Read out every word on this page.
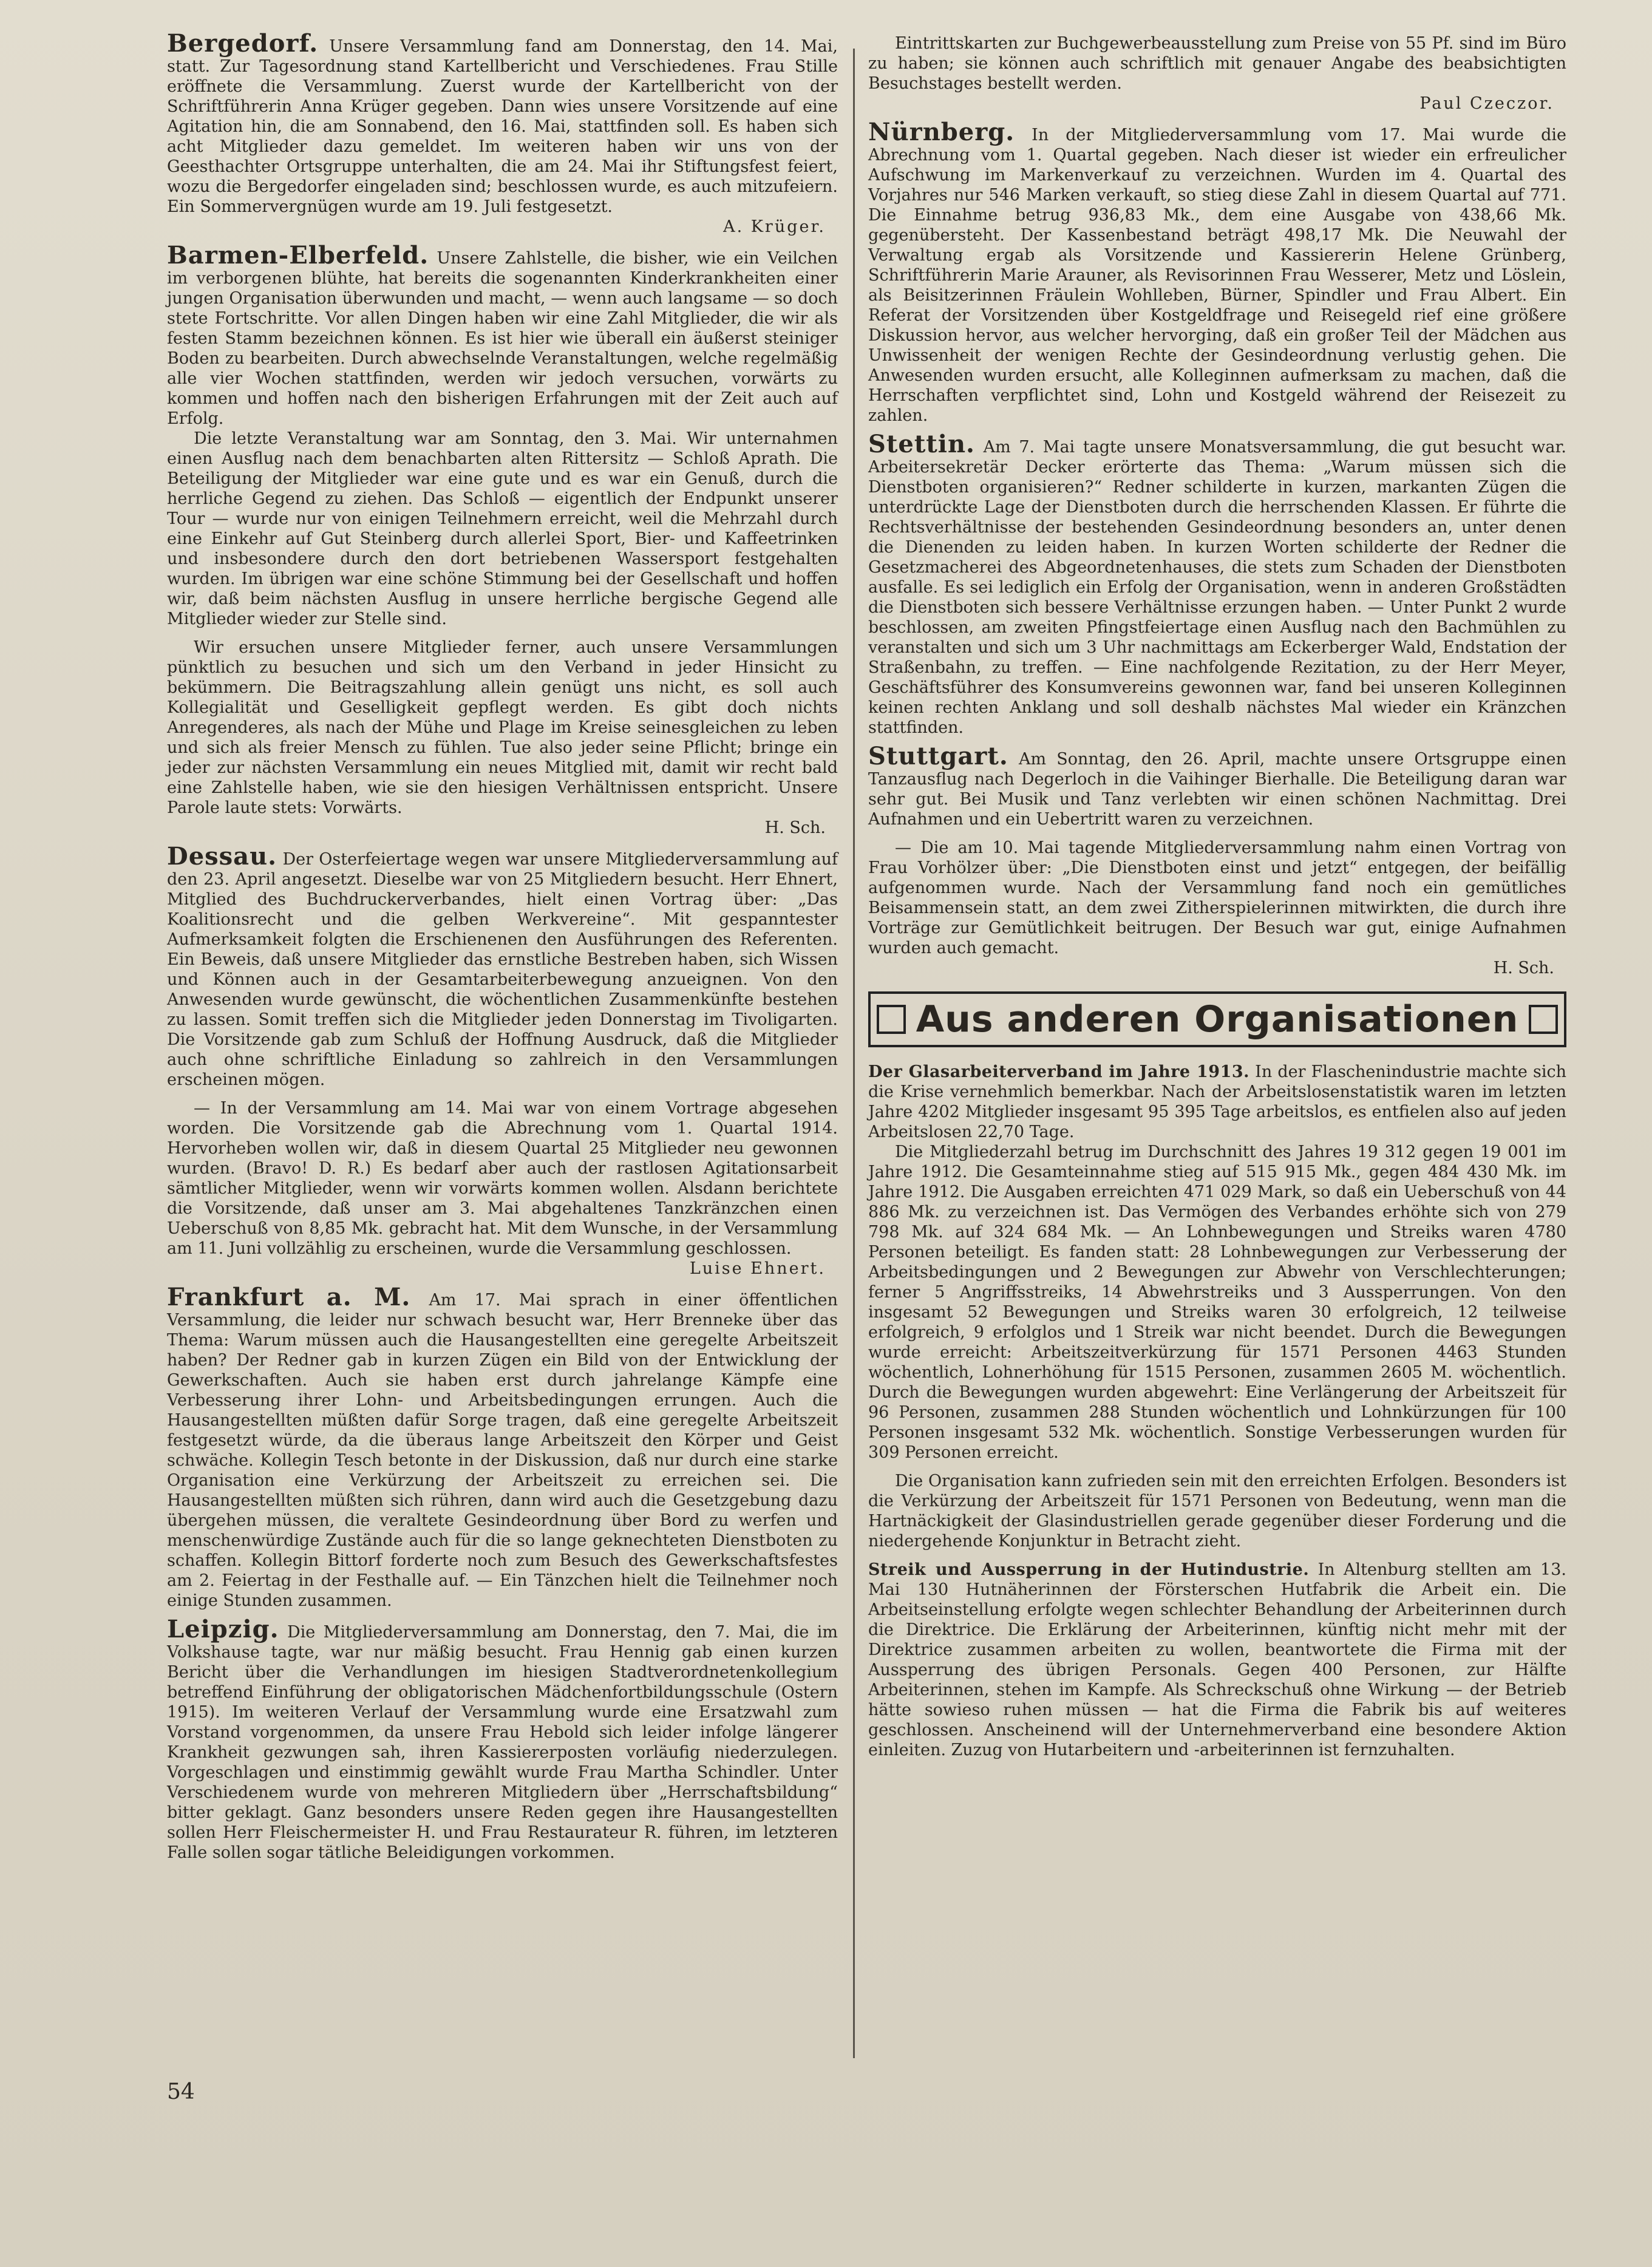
Bergedorf. Unsere Versammlung fand am Donnerstag, den 14. Mai, statt. Zur Tagesordnung stand Kartellbericht und Verschiedenes. Frau Stille eröffnete die Versammlung. Zuerst wurde der Kartellbericht von der Schriftführerin Anna Krüger gegeben. Dann wies unsere Vorsitzende auf eine Agitation hin, die am Sonnabend, den 16. Mai, stattfinden soll. Es haben sich acht Mitglieder dazu gemeldet. Im weiteren haben wir uns von der Geesthachter Ortsgruppe unterhalten, die am 24. Mai ihr Stiftungsfest feiert, wozu die Bergedorfer eingeladen sind; beschlossen wurde, es auch mitzufeiern. Ein Sommervergnügen wurde am 19. Juli festgesetzt.

A. Krüger.

Barmen-Elberfeld. Unsere Zahlstelle, die bisher, wie ein Veilchen im verborgenen blühte, hat bereits die sogenannten Kinderkrankheiten einer jungen Organisation überwunden und macht, — wenn auch langsame — so doch stete Fortschritte. Vor allen Dingen haben wir eine Zahl Mitglieder, die wir als festen Stamm bezeichnen können. Es ist hier wie überall ein äußerst steiniger Boden zu bearbeiten. Durch abwechselnde Veranstaltungen, welche regelmäßig alle vier Wochen stattfinden, werden wir jedoch versuchen, vorwärts zu kommen und hoffen nach den bisherigen Erfahrungen mit der Zeit auch auf Erfolg.

Die letzte Veranstaltung war am Sonntag, den 3. Mai. Wir unternahmen einen Ausflug nach dem benachbarten alten Rittersitz — Schloß Aprath. Die Beteiligung der Mitglieder war eine gute und es war ein Genuß, durch die herrliche Gegend zu ziehen. Das Schloß — eigentlich der Endpunkt unserer Tour — wurde nur von einigen Teilnehmern erreicht, weil die Mehrzahl durch eine Einkehr auf Gut Steinberg durch allerlei Sport, Bier- und Kaffeetrinken und insbesondere durch den dort betriebenen Wassersport festgehalten wurden. Im übrigen war eine schöne Stimmung bei der Gesellschaft und hoffen wir, daß beim nächsten Ausflug in unsere herrliche bergische Gegend alle Mitglieder wieder zur Stelle sind.

Wir ersuchen unsere Mitglieder ferner, auch unsere Versammlungen pünktlich zu besuchen und sich um den Verband in jeder Hinsicht zu bekümmern. Die Beitragszahlung allein genügt uns nicht, es soll auch Kollegialität und Geselligkeit gepflegt werden. Es gibt doch nichts Anregenderes, als nach der Mühe und Plage im Kreise seinesgleichen zu leben und sich als freier Mensch zu fühlen. Tue also jeder seine Pflicht; bringe ein jeder zur nächsten Versammlung ein neues Mitglied mit, damit wir recht bald eine Zahlstelle haben, wie sie den hiesigen Verhältnissen entspricht. Unsere Parole laute stets: Vorwärts.

H. Sch.

Dessau. Der Osterfeiertage wegen war unsere Mitgliederversammlung auf den 23. April angesetzt. Dieselbe war von 25 Mitgliedern besucht. Herr Ehnert, Mitglied des Buchdruckerverbandes, hielt einen Vortrag über: „Das Koalitionsrecht und die gelben Werkvereine“. Mit gespanntester Aufmerksamkeit folgten die Erschienenen den Ausführungen des Referenten. Ein Beweis, daß unsere Mitglieder das ernstliche Bestreben haben, sich Wissen und Können auch in der Gesamtarbeiterbewegung anzueignen. Von den Anwesenden wurde gewünscht, die wöchentlichen Zusammenkünfte bestehen zu lassen. Somit treffen sich die Mitglieder jeden Donnerstag im Tivoligarten. Die Vorsitzende gab zum Schluß der Hoffnung Ausdruck, daß die Mitglieder auch ohne schriftliche Einladung so zahlreich in den Versammlungen erscheinen mögen.

— In der Versammlung am 14. Mai war von einem Vortrage abgesehen worden. Die Vorsitzende gab die Abrechnung vom 1. Quartal 1914. Hervorheben wollen wir, daß in diesem Quartal 25 Mitglieder neu gewonnen wurden. (Bravo! D. R.) Es bedarf aber auch der rastlosen Agitationsarbeit sämtlicher Mitglieder, wenn wir vorwärts kommen wollen. Alsdann berichtete die Vorsitzende, daß unser am 3. Mai abgehaltenes Tanzkränzchen einen Ueberschuß von 8,85 Mk. gebracht hat. Mit dem Wunsche, in der Versammlung am 11. Juni vollzählig zu erscheinen, wurde die Versammlung geschlossen.

Luise Ehnert.

Frankfurt a. M. Am 17. Mai sprach in einer öffentlichen Versammlung, die leider nur schwach besucht war, Herr Brenneke über das Thema: Warum müssen auch die Hausangestellten eine geregelte Arbeitszeit haben? Der Redner gab in kurzen Zügen ein Bild von der Entwicklung der Gewerkschaften. Auch sie haben erst durch jahrelange Kämpfe eine Verbesserung ihrer Lohn- und Arbeitsbedingungen errungen. Auch die Hausangestellten müßten dafür Sorge tragen, daß eine geregelte Arbeitszeit festgesetzt würde, da die überaus lange Arbeitszeit den Körper und Geist schwäche. Kollegin Tesch betonte in der Diskussion, daß nur durch eine starke Organisation eine Verkürzung der Arbeitszeit zu erreichen sei. Die Hausangestellten müßten sich rühren, dann wird auch die Gesetzgebung dazu übergehen müssen, die veraltete Gesindeordnung über Bord zu werfen und menschenwürdige Zustände auch für die so lange geknechteten Dienstboten zu schaffen. Kollegin Bittorf forderte noch zum Besuch des Gewerkschaftsfestes am 2. Feiertag in der Festhalle auf. — Ein Tänzchen hielt die Teilnehmer noch einige Stunden zusammen.

Leipzig. Die Mitgliederversammlung am Donnerstag, den 7. Mai, die im Volkshause tagte, war nur mäßig besucht. Frau Hennig gab einen kurzen Bericht über die Verhandlungen im hiesigen Stadtverordnetenkollegium betreffend Einführung der obligatorischen Mädchenfortbildungsschule (Ostern 1915). Im weiteren Verlauf der Versammlung wurde eine Ersatzwahl zum Vorstand vorgenommen, da unsere Frau Hebold sich leider infolge längerer Krankheit gezwungen sah, ihren Kassiererposten vorläufig niederzulegen. Vorgeschlagen und einstimmig gewählt wurde Frau Martha Schindler. Unter Verschiedenem wurde von mehreren Mitgliedern über „Herrschaftsbildung“ bitter geklagt. Ganz besonders unsere Reden gegen ihre Hausangestellten sollen Herr Fleischermeister H. und Frau Restaurateur R. führen, im letzteren Falle sollen sogar tätliche Beleidigungen vorkommen.

Eintrittskarten zur Buchgewerbeausstellung zum Preise von 55 Pf. sind im Büro zu haben; sie können auch schriftlich mit genauer Angabe des beabsichtigten Besuchstages bestellt werden.

Paul Czeczor.

Nürnberg. In der Mitgliederversammlung vom 17. Mai wurde die Abrechnung vom 1. Quartal gegeben. Nach dieser ist wieder ein erfreulicher Aufschwung im Markenverkauf zu verzeichnen. Wurden im 4. Quartal des Vorjahres nur 546 Marken verkauft, so stieg diese Zahl in diesem Quartal auf 771. Die Einnahme betrug 936,83 Mk., dem eine Ausgabe von 438,66 Mk. gegenübersteht. Der Kassenbestand beträgt 498,17 Mk. Die Neuwahl der Verwaltung ergab als Vorsitzende und Kassiererin Helene Grünberg, Schriftführerin Marie Arauner, als Revisorinnen Frau Wesserer, Metz und Löslein, als Beisitzerinnen Fräulein Wohlleben, Bürner, Spindler und Frau Albert. Ein Referat der Vorsitzenden über Kostgeldfrage und Reisegeld rief eine größere Diskussion hervor, aus welcher hervorging, daß ein großer Teil der Mädchen aus Unwissenheit der wenigen Rechte der Gesindeordnung verlustig gehen. Die Anwesenden wurden ersucht, alle Kolleginnen aufmerksam zu machen, daß die Herrschaften verpflichtet sind, Lohn und Kostgeld während der Reisezeit zu zahlen.

Stettin. Am 7. Mai tagte unsere Monatsversammlung, die gut besucht war. Arbeitersekretär Decker erörterte das Thema: „Warum müssen sich die Dienstboten organisieren?“ Redner schilderte in kurzen, markanten Zügen die unterdrückte Lage der Dienstboten durch die herrschenden Klassen. Er führte die Rechtsverhältnisse der bestehenden Gesindeordnung besonders an, unter denen die Dienenden zu leiden haben. In kurzen Worten schilderte der Redner die Gesetzmacherei des Abgeordnetenhauses, die stets zum Schaden der Dienstboten ausfalle. Es sei lediglich ein Erfolg der Organisation, wenn in anderen Großstädten die Dienstboten sich bessere Verhältnisse erzungen haben. — Unter Punkt 2 wurde beschlossen, am zweiten Pfingstfeiertage einen Ausflug nach den Bachmühlen zu veranstalten und sich um 3 Uhr nachmittags am Eckerberger Wald, Endstation der Straßenbahn, zu treffen. — Eine nachfolgende Rezitation, zu der Herr Meyer, Geschäftsführer des Konsumvereins gewonnen war, fand bei unseren Kolleginnen keinen rechten Anklang und soll deshalb nächstes Mal wieder ein Kränzchen stattfinden.

Stuttgart. Am Sonntag, den 26. April, machte unsere Ortsgruppe einen Tanzausflug nach Degerloch in die Vaihinger Bierhalle. Die Beteiligung daran war sehr gut. Bei Musik und Tanz verlebten wir einen schönen Nachmittag. Drei Aufnahmen und ein Uebertritt waren zu verzeichnen.

— Die am 10. Mai tagende Mitgliederversammlung nahm einen Vortrag von Frau Vorhölzer über: „Die Dienstboten einst und jetzt“ entgegen, der beifällig aufgenommen wurde. Nach der Versammlung fand noch ein gemütliches Beisammensein statt, an dem zwei Zitherspielerinnen mitwirkten, die durch ihre Vorträge zur Gemütlichkeit beitrugen. Der Besuch war gut, einige Aufnahmen wurden auch gemacht.

H. Sch.

Aus anderen Organisationen

Der Glasarbeiterverband im Jahre 1913. In der Flaschenindustrie machte sich die Krise vernehmlich bemerkbar. Nach der Arbeitslosenstatistik waren im letzten Jahre 4202 Mitglieder insgesamt 95 395 Tage arbeitslos, es entfielen also auf jeden Arbeitslosen 22,70 Tage.

Die Mitgliederzahl betrug im Durchschnitt des Jahres 19 312 gegen 19 001 im Jahre 1912. Die Gesamteinnahme stieg auf 515 915 Mk., gegen 484 430 Mk. im Jahre 1912. Die Ausgaben erreichten 471 029 Mark, so daß ein Ueberschuß von 44 886 Mk. zu verzeichnen ist. Das Vermögen des Verbandes erhöhte sich von 279 798 Mk. auf 324 684 Mk. — An Lohnbewegungen und Streiks waren 4780 Personen beteiligt. Es fanden statt: 28 Lohnbewegungen zur Verbesserung der Arbeitsbedingungen und 2 Bewegungen zur Abwehr von Verschlechterungen; ferner 5 Angriffsstreiks, 14 Abwehrstreiks und 3 Aussperrungen. Von den insgesamt 52 Bewegungen und Streiks waren 30 erfolgreich, 12 teilweise erfolgreich, 9 erfolglos und 1 Streik war nicht beendet. Durch die Bewegungen wurde erreicht: Arbeitszeitverkürzung für 1571 Personen 4463 Stunden wöchentlich, Lohnerhöhung für 1515 Personen, zusammen 2605 M. wöchentlich. Durch die Bewegungen wurden abgewehrt: Eine Verlängerung der Arbeitszeit für 96 Personen, zusammen 288 Stunden wöchentlich und Lohnkürzungen für 100 Personen insgesamt 532 Mk. wöchentlich. Sonstige Verbesserungen wurden für 309 Personen erreicht.

Die Organisation kann zufrieden sein mit den erreichten Erfolgen. Besonders ist die Verkürzung der Arbeitszeit für 1571 Personen von Bedeutung, wenn man die Hartnäckigkeit der Glasindustriellen gerade gegenüber dieser Forderung und die niedergehende Konjunktur in Betracht zieht.

Streik und Aussperrung in der Hutindustrie. In Altenburg stellten am 13. Mai 130 Hutnäherinnen der Försterschen Hutfabrik die Arbeit ein. Die Arbeitseinstellung erfolgte wegen schlechter Behandlung der Arbeiterinnen durch die Direktrice. Die Erklärung der Arbeiterinnen, künftig nicht mehr mit der Direktrice zusammen arbeiten zu wollen, beantwortete die Firma mit der Aussperrung des übrigen Personals. Gegen 400 Personen, zur Hälfte Arbeiterinnen, stehen im Kampfe. Als Schreckschuß ohne Wirkung — der Betrieb hätte sowieso ruhen müssen — hat die Firma die Fabrik bis auf weiteres geschlossen. Anscheinend will der Unternehmerverband eine besondere Aktion einleiten. Zuzug von Hutarbeitern und -arbeiterinnen ist fernzuhalten.

54
